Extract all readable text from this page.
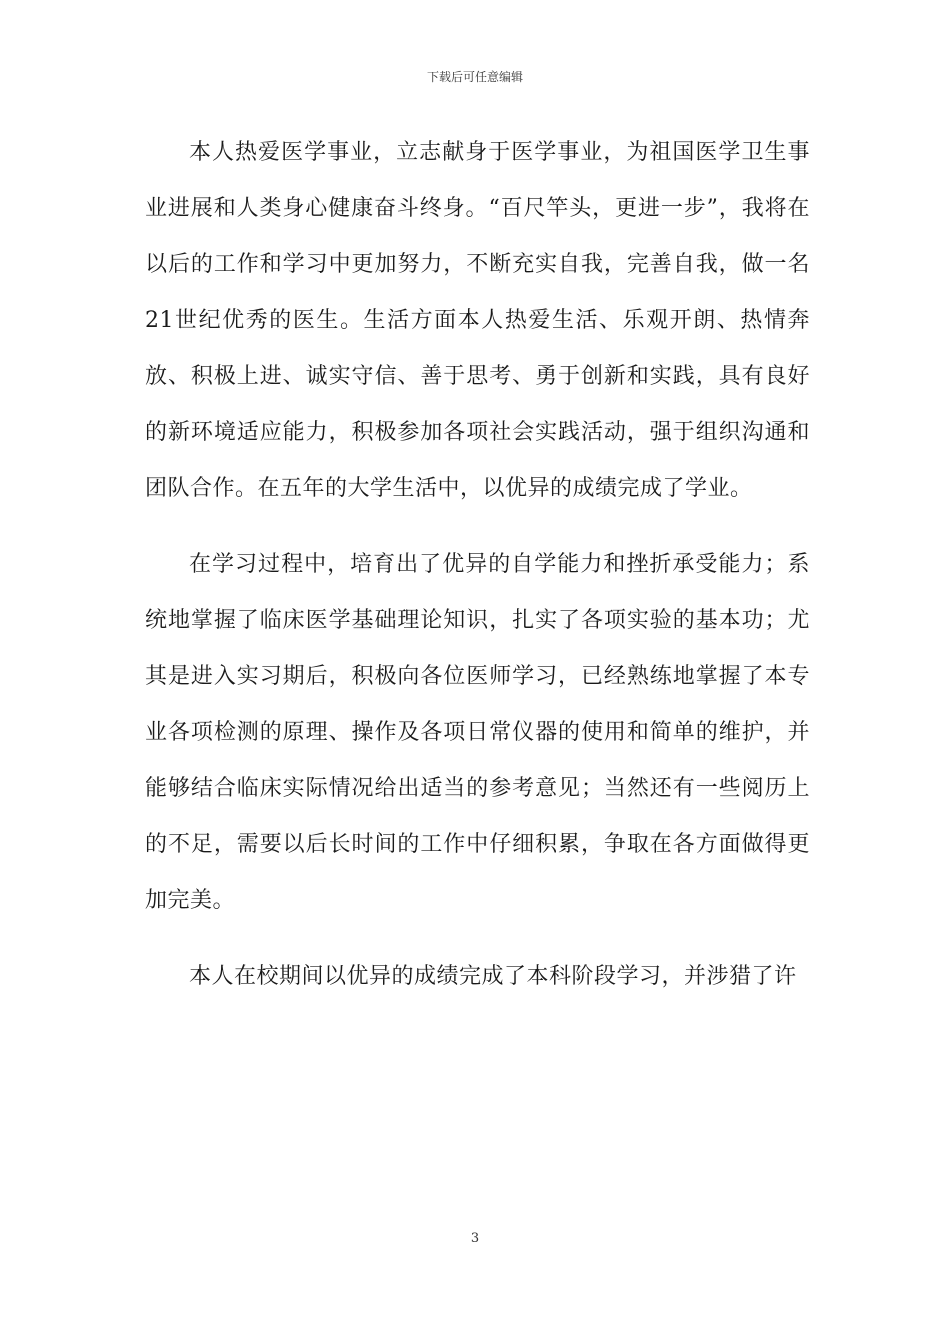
下载后可任意编辑

本人热爱医学事业，立志献身于医学事业，为祖国医学卫生事业进展和人类身心健康奋斗终身。“百尺竿头，更进一步”，我将在以后的工作和学习中更加努力，不断充实自我，完善自我，做一名21世纪优秀的医生。生活方面本人热爱生活、乐观开朗、热情奔放、积极上进、诚实守信、善于思考、勇于创新和实践，具有良好的新环境适应能力，积极参加各项社会实践活动，强于组织沟通和团队合作。在五年的大学生活中，以优异的成绩完成了学业。

在学习过程中，培育出了优异的自学能力和挫折承受能力；系统地掌握了临床医学基础理论知识，扎实了各项实验的基本功；尤其是进入实习期后，积极向各位医师学习，已经熟练地掌握了本专业各项检测的原理、操作及各项日常仪器的使用和简单的维护，并能够结合临床实际情况给出适当的参考意见；当然还有一些阅历上的不足，需要以后长时间的工作中仔细积累，争取在各方面做得更加完美。

本人在校期间以优异的成绩完成了本科阶段学习，并涉猎了许

3
